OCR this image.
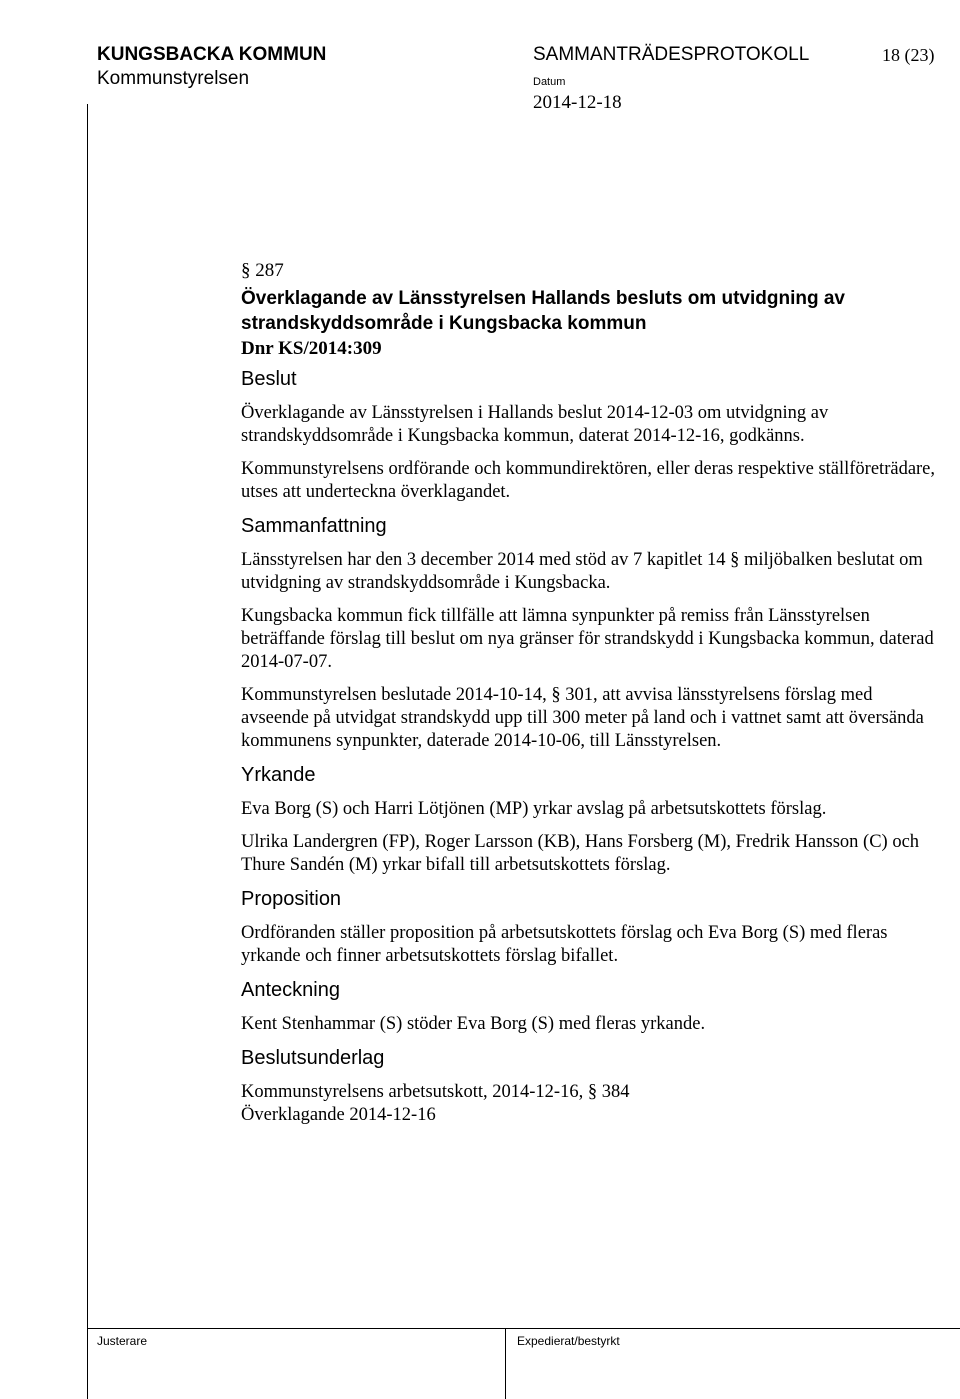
KUNGSBACKA KOMMUN
Kommunstyrelsen
SAMMANTRÄDESPROTOKOLL	18 (23)
Datum
2014-12-18
Justerare	Expedierat/bestyrkt
§ 287
Överklagande av Länsstyrelsen Hallands besluts om utvidgning av
strandskyddsområde i Kungsbacka kommun
Dnr KS/2014:309
Beslut

Överklagande av Länsstyrelsen i Hallands beslut 2014-12-03 om utvidgning av strandskyddsområde i Kungsbacka kommun, daterat 2014-12-16, godkänns.

Kommunstyrelsens ordförande och kommundirektören, eller deras respektive ställföreträdare, utses att underteckna överklagandet.

Sammanfattning

Länsstyrelsen har den 3 december 2014 med stöd av 7 kapitlet 14 § miljöbalken beslutat om utvidgning av strandskyddsområde i Kungsbacka.

Kungsbacka kommun fick tillfälle att lämna synpunkter på remiss från Länsstyrelsen beträffande förslag till beslut om nya gränser för strandskydd i Kungsbacka kommun, daterad 2014-07-07.

Kommunstyrelsen beslutade 2014-10-14, § 301, att avvisa länsstyrelsens förslag med avseende på utvidgat strandskydd upp till 300 meter på land och i vattnet samt att översända kommunens synpunkter, daterade 2014-10-06, till Länsstyrelsen.

Yrkande

Eva Borg (S) och Harri Lötjönen (MP) yrkar avslag på arbetsutskottets förslag.

Ulrika Landergren (FP), Roger Larsson (KB), Hans Forsberg (M), Fredrik Hansson (C) och Thure Sandén (M) yrkar bifall till arbetsutskottets förslag.

Proposition

Ordföranden ställer proposition på arbetsutskottets förslag och Eva Borg (S) med fleras yrkande och finner arbetsutskottets förslag bifallet.

Anteckning

Kent Stenhammar (S) stöder Eva Borg (S) med fleras yrkande.

Beslutsunderlag
Kommunstyrelsens arbetsutskott, 2014-12-16, § 384
Överklagande 2014-12-16
